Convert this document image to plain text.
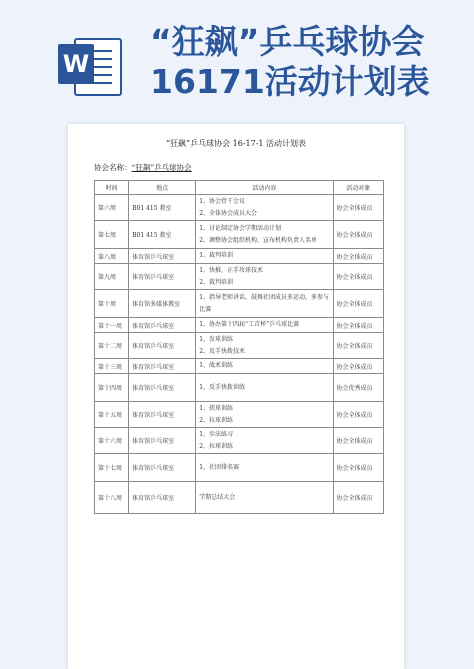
W
“狂飙”乒乓球协会16171活动计划表
“狂飙”乒乓球协会 16-17-1 活动计划表
协会名称：“狂飙”乒乓球协会
时间	地点	活动内容	活动对象
第六周	B01 415 教室	1、协会骨干会议
2、全体协会成员大会	协会全体成员
第七周	B01 415 教室	1、讨论制定协会学期活动计划
2、调整协会组织机构、宣布机构负责人名单	协会全体成员
第八周	体育馆乒乓球室	1、裁判培训	协会全体成员
第九周	体育馆乒乓球室	1、快推，正手攻球技术
2、裁判培训	协会全体成员
第十周	体育馆多媒体教室	1、指导老师讲话，鼓舞社团成员多运动，多参与比赛	协会全体成员
第十一周	体育馆乒乓球室	1、协办第十四届“工青杯”乒乓球比赛	协会全体成员
第十二周	体育馆乒乓球室	1、发球训练
2、反手快拨技术	协会全体成员
第十三周	体育馆乒乓球室	1、战术训练	协会全体成员
第十四周	体育馆乒乓球室	1、反手快拨训练	协会优秀成员
第十五周	体育馆乒乓球室	1、搓球训练
2、拉球训练	协会全体成员
第十六周	体育馆乒乓球室	1、步法练习
2、拉球训练	协会全体成员
第十七周	体育馆乒乓球室	1、社团排名赛	协会全体成员
第十八周	体育馆乒乓球室	学期总结大会	协会全体成员
